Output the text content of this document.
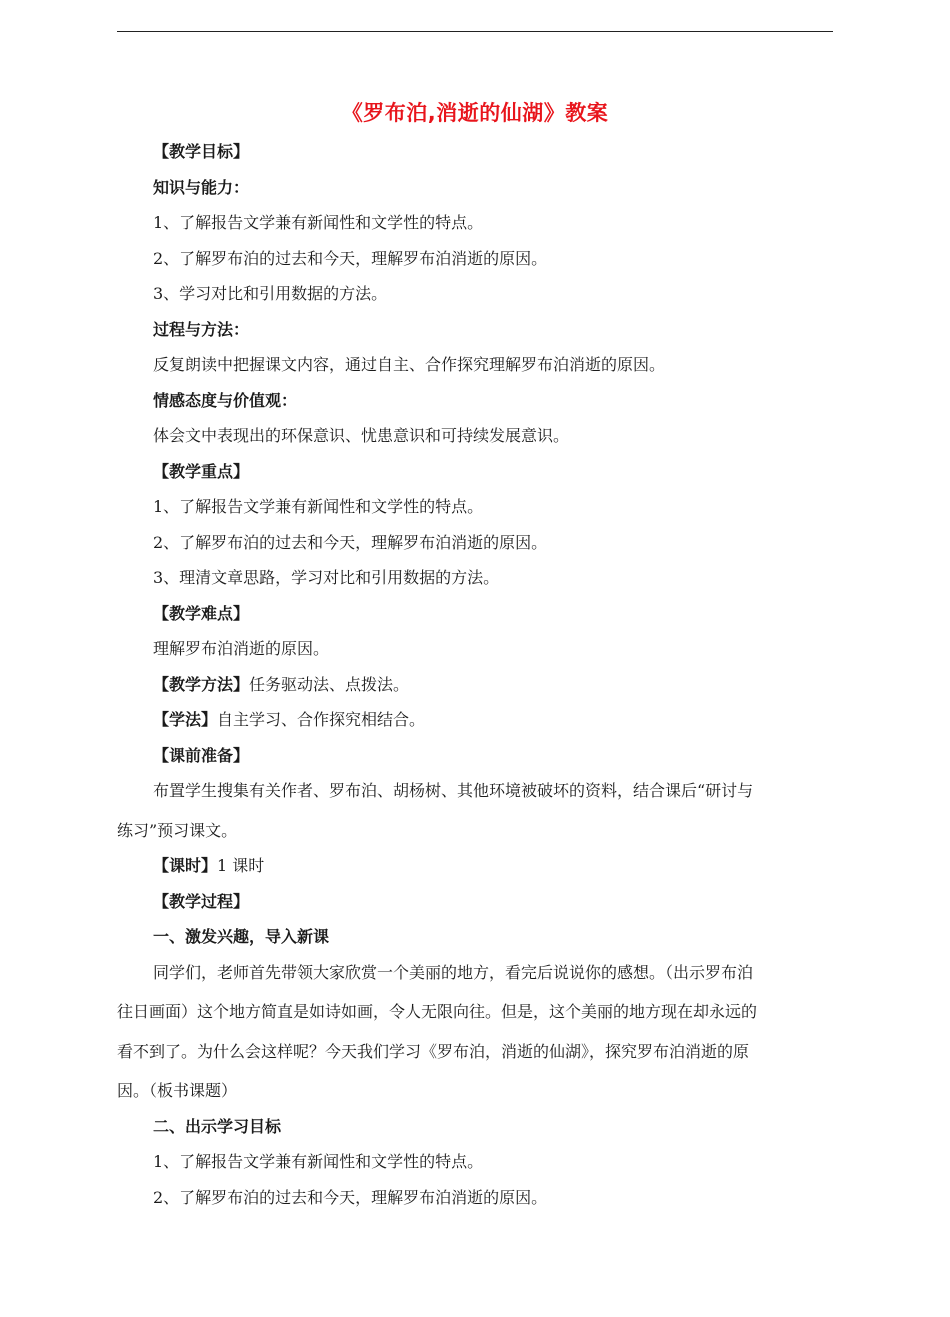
《罗布泊,消逝的仙湖》教案
【教学目标】
知识与能力：
1、了解报告文学兼有新闻性和文学性的特点。
2、了解罗布泊的过去和今天，理解罗布泊消逝的原因。
3、学习对比和引用数据的方法。
过程与方法：
反复朗读中把握课文内容，通过自主、合作探究理解罗布泊消逝的原因。
情感态度与价值观：
体会文中表现出的环保意识、忧患意识和可持续发展意识。
【教学重点】
1、了解报告文学兼有新闻性和文学性的特点。
2、了解罗布泊的过去和今天，理解罗布泊消逝的原因。
3、理清文章思路，学习对比和引用数据的方法。
【教学难点】
理解罗布泊消逝的原因。
【教学方法】任务驱动法、点拨法。
【学法】自主学习、合作探究相结合。
【课前准备】
布置学生搜集有关作者、罗布泊、胡杨树、其他环境被破坏的资料，结合课后“研讨与
练习”预习课文。
【课时】1 课时
【教学过程】
一、激发兴趣，导入新课
同学们，老师首先带领大家欣赏一个美丽的地方，看完后说说你的感想。（出示罗布泊
往日画面）这个地方简直是如诗如画，令人无限向往。但是，这个美丽的地方现在却永远的
看不到了。为什么会这样呢？今天我们学习《罗布泊，消逝的仙湖》，探究罗布泊消逝的原
因。（板书课题）
二、出示学习目标
1、了解报告文学兼有新闻性和文学性的特点。
2、了解罗布泊的过去和今天，理解罗布泊消逝的原因。
